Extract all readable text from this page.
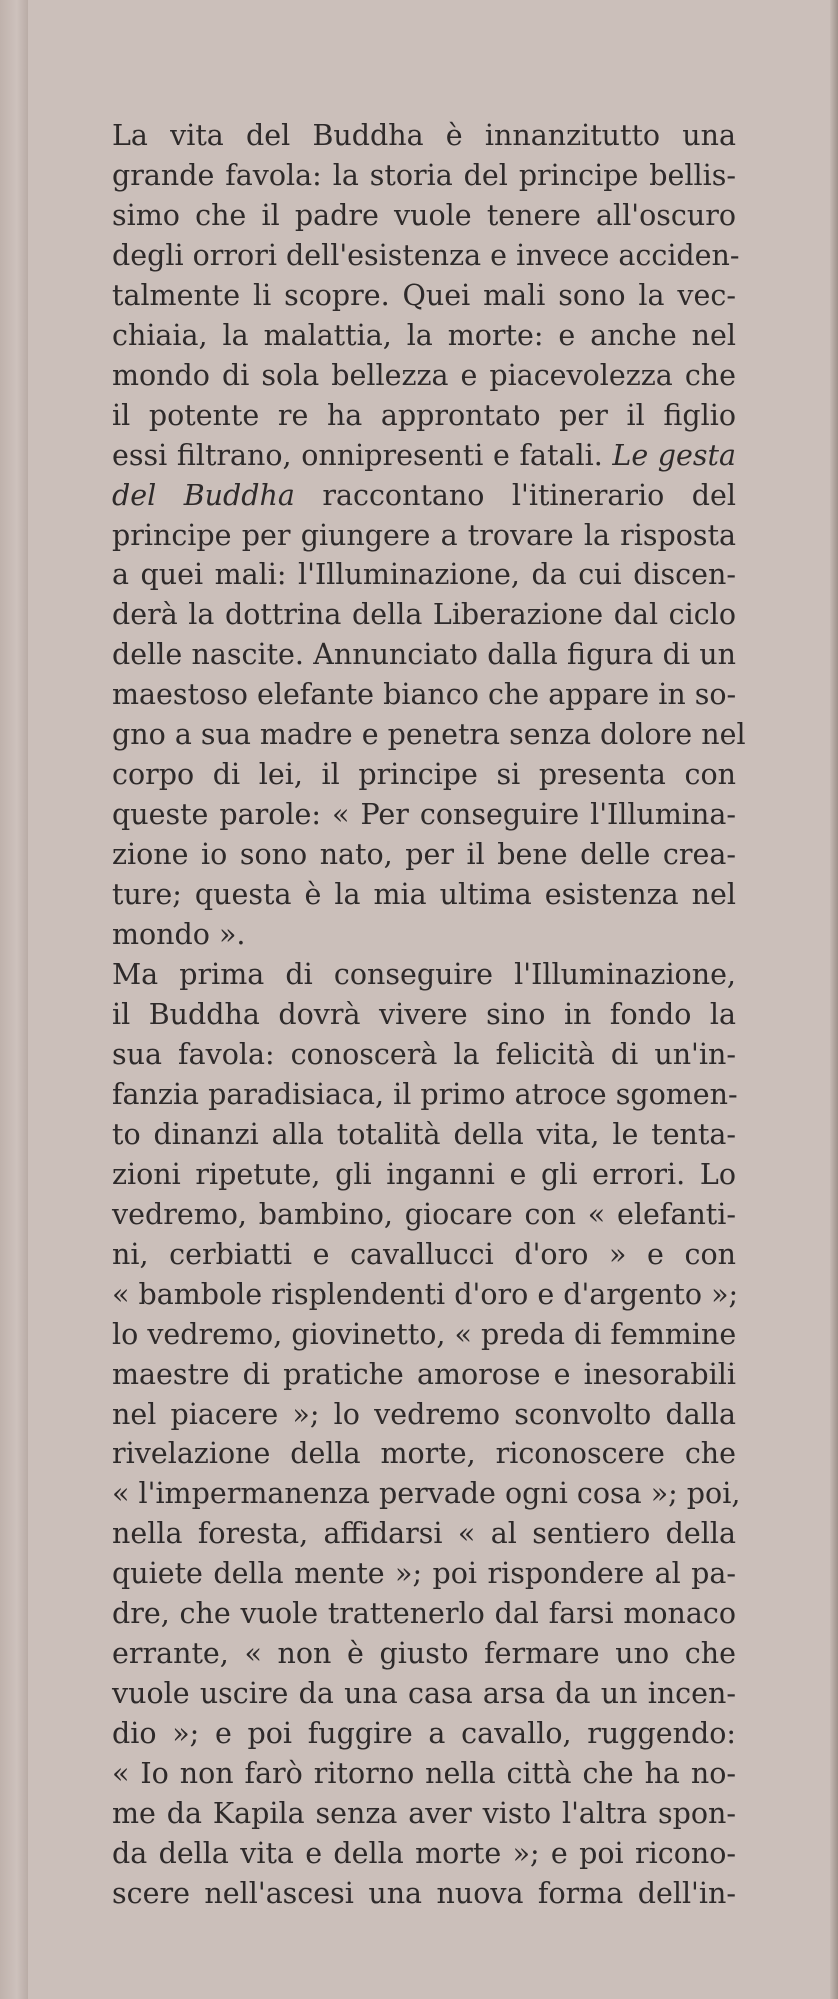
La vita del Buddha è innanzitutto una
grande favola: la storia del principe bellis-
simo che il padre vuole tenere all'oscuro
degli orrori dell'esistenza e invece acciden-
talmente li scopre. Quei mali sono la vec-
chiaia, la malattia, la morte: e anche nel
mondo di sola bellezza e piacevolezza che
il potente re ha approntato per il figlio
essi filtrano, onnipresenti e fatali. Le gesta
del Buddha raccontano l'itinerario del
principe per giungere a trovare la risposta
a quei mali: l'Illuminazione, da cui discen-
derà la dottrina della Liberazione dal ciclo
delle nascite. Annunciato dalla figura di un
maestoso elefante bianco che appare in so-
gno a sua madre e penetra senza dolore nel
corpo di lei, il principe si presenta con
queste parole: « Per conseguire l'Illumina-
zione io sono nato, per il bene delle crea-
ture; questa è la mia ultima esistenza nel
mondo ».
Ma prima di conseguire l'Illuminazione,
il Buddha dovrà vivere sino in fondo la
sua favola: conoscerà la felicità di un'in-
fanzia paradisiaca, il primo atroce sgomen-
to dinanzi alla totalità della vita, le tenta-
zioni ripetute, gli inganni e gli errori. Lo
vedremo, bambino, giocare con « elefanti-
ni, cerbiatti e cavallucci d'oro » e con
« bambole risplendenti d'oro e d'argento »;
lo vedremo, giovinetto, « preda di femmine
maestre di pratiche amorose e inesorabili
nel piacere »; lo vedremo sconvolto dalla
rivelazione della morte, riconoscere che
« l'impermanenza pervade ogni cosa »; poi,
nella foresta, affidarsi « al sentiero della
quiete della mente »; poi rispondere al pa-
dre, che vuole trattenerlo dal farsi monaco
errante, « non è giusto fermare uno che
vuole uscire da una casa arsa da un incen-
dio »; e poi fuggire a cavallo, ruggendo:
« Io non farò ritorno nella città che ha no-
me da Kapila senza aver visto l'altra spon-
da della vita e della morte »; e poi ricono-
scere nell'ascesi una nuova forma dell'in-
